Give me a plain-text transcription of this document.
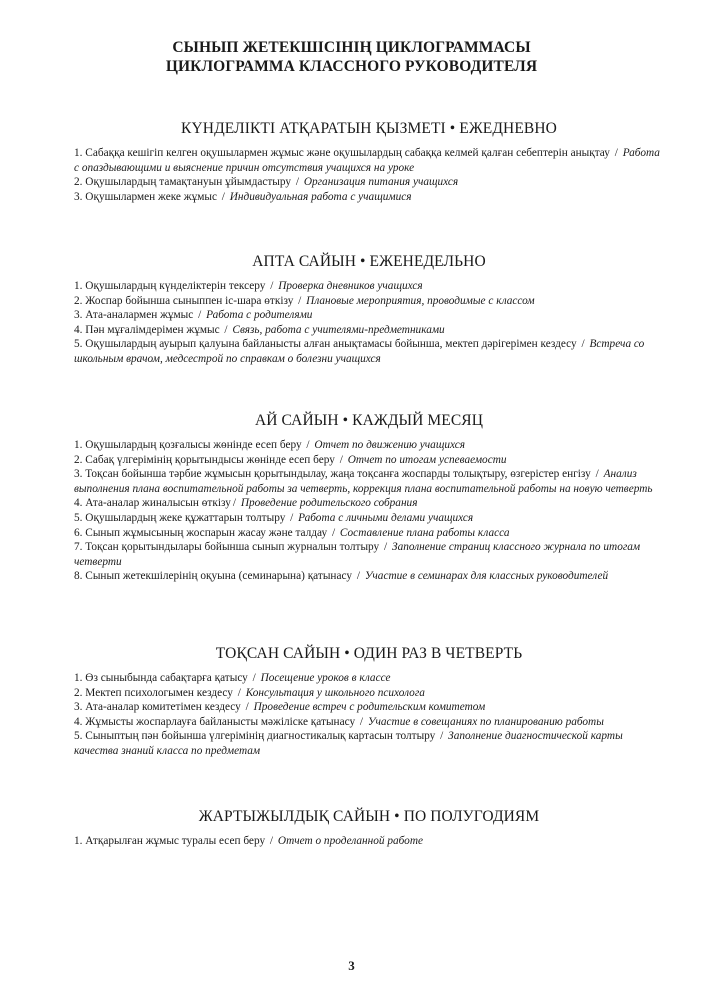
СЫНЫП ЖЕТЕКШІСІНІҢ ЦИКЛОГРАММАСЫ
ЦИКЛОГРАММА КЛАССНОГО РУКОВОДИТЕЛЯ
КҮНДЕЛІКТІ АТҚАРАТЫН ҚЫЗМЕТІ • ЕЖЕДНЕВНО

1. Сабаққа кешігіп келген оқушылармен жұмыс және оқушылардың сабаққа келмей қалған себептерін анықтау / Работа с опаздывающими и выяснение причин отсутствия учащихся на уроке

2. Оқушылардың тамақтануын ұйымдастыру / Организация питания учащихся

3. Оқушылармен жеке жұмыс / Индивидуальная работа с учащимися

АПТА САЙЫН • ЕЖЕНЕДЕЛЬНО

1. Оқушылардың күнделіктерін тексеру / Проверка дневников учащихся

2. Жоспар бойынша сыныппен іс-шара өткізу / Плановые мероприятия, проводимые с классом

3. Ата-аналармен жұмыс / Работа с родителями

4. Пән мұғалімдерімен жұмыс / Связь, работа с учителями-предметниками

5. Оқушылардың ауырып қалуына байланысты алған анықтамасы бойынша, мектеп дәрігерімен кездесу / Встреча со школьным врачом, медсестрой по справкам о болезни учащихся

АЙ САЙЫН • КАЖДЫЙ МЕСЯЦ

1. Оқушылардың қозғалысы жөнінде есеп беру / Отчет по движению учащихся

2. Сабақ үлгерімінің қорытындысы жөнінде есеп беру / Отчет по итогам успеваемости

3. Тоқсан бойынша тәрбие жұмысын қорытындылау, жаңа тоқсанға жоспарды толықтыру, өзгерістер енгізу / Анализ выполнения плана воспитательной работы за четверть, коррекция плана воспитательной работы на новую четверть

4. Ата-аналар жиналысын өткізу / Проведение родительского собрания

5. Оқушылардың жеке құжаттарын толтыру / Работа с личными делами учащихся

6. Сынып жұмысының жоспарын жасау және талдау / Составление плана работы класса

7. Тоқсан қорытындылары бойынша сынып журналын толтыру / Заполнение страниц классного журнала по итогам четверти

8. Сынып жетекшілерінің оқуына (семинарына) қатынасу / Участие в семинарах для классных руководителей

ТОҚСАН САЙЫН • ОДИН РАЗ В ЧЕТВЕРТЬ

1. Өз сыныбында сабақтарға қатысу / Посещение уроков в классе

2. Мектеп психологымен кездесу / Консультация у школьного психолога

3. Ата-аналар комитетімен кездесу / Проведение встреч с родительским комитетом

4. Жұмысты жоспарлауға байланысты мәжіліске қатынасу / Участие в совещаниях по планированию работы

5. Сыныптың пән бойынша үлгерімінің диагностикалық картасын толтыру / Заполнение диагностической карты качества знаний класса по предметам

ЖАРТЫЖЫЛДЫҚ САЙЫН • ПО ПОЛУГОДИЯМ

1. Атқарылған жұмыс туралы есеп беру / Отчет о проделанной работе

3
